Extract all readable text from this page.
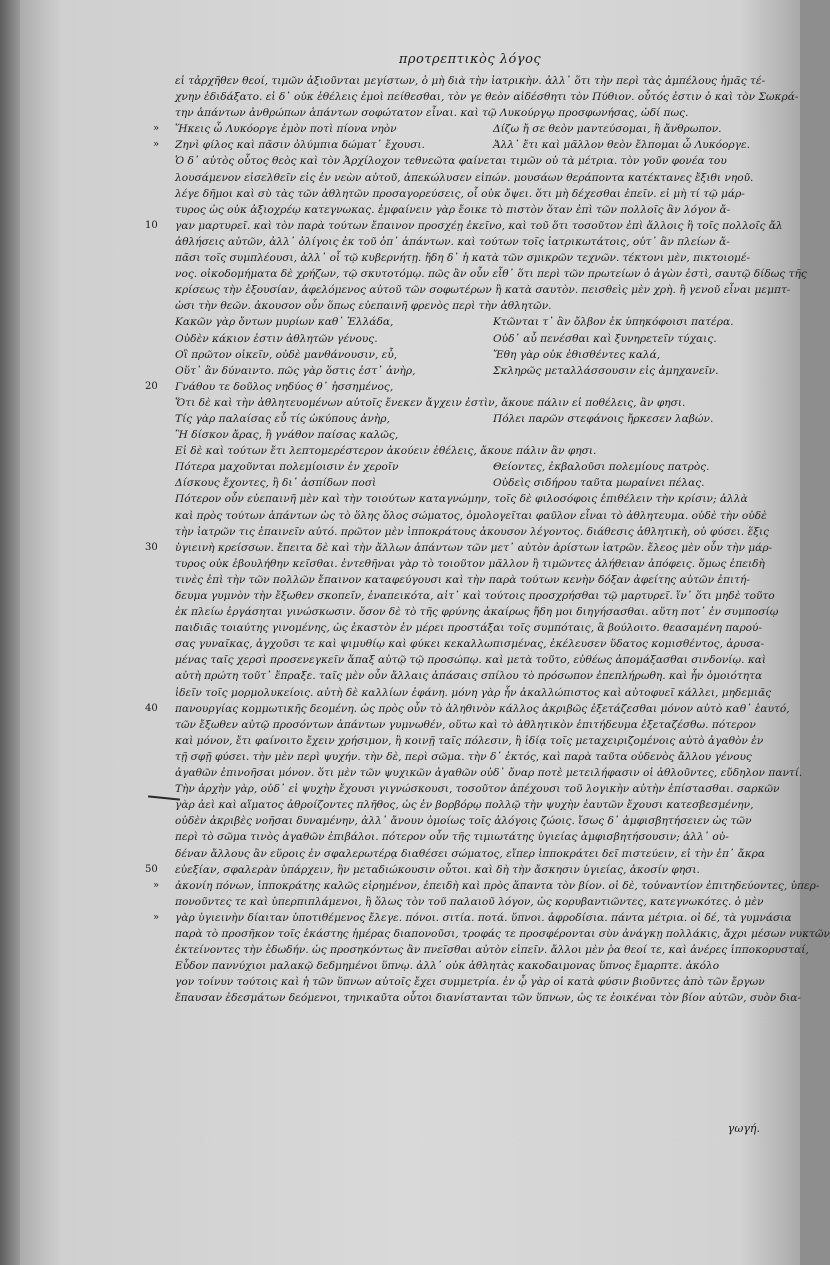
προτρεπτικὸς λόγος
εἰ τἀρχῆθεν θεοί, τιμῶν ἀξιοῦνται μεγίστων, ὁ μὴ διὰ τὴν ἰατρικὴν. ἀλλ᾽ ὅτι τὴν περὶ τὰς ἀμπέλους ἡμᾶς τέ-
χνην ἐδιδάξατο. εἰ δ᾽ οὐκ ἐθέλεις ἐμοὶ πείθεσθαι, τὸν γε θεὸν αἰδέσθητι τὸν Πύθιον. οὗτός ἐστιν ὁ καὶ τὸν Σωκρά-
την ἁπάντων ἀνθρώπων ἁπάντων σοφώτατον εἶναι. καὶ τῷ Λυκούργῳ προσφωνήσας, ὡδί πως.
Ἥκεις ὦ Λυκόοργε ἐμὸν ποτὶ πίονα νηὸν	Δίζω ἤ σε θεὸν μαντεύσομαι, ἢ ἄνθρωπον.
»
Ζηνὶ φίλος καὶ πᾶσιν ὀλύμπια δώματ᾽ ἔχουσι.	Ἀλλ᾽ ἔτι καὶ μᾶλλον θεὸν ἔλπομαι ὦ Λυκόοργε.
»
Ὁ δ᾽ αὐτὸς οὗτος θεὸς καὶ τὸν Ἀρχίλοχον τεθνεῶτα φαίνεται τιμῶν οὐ τὰ μέτρια. τὸν γοῦν φονέα του
λουσάμενον εἰσελθεῖν εἰς ἐν νεὼν αὐτοῦ, ἀπεκώλυσεν εἰπών. μουσάων θεράποντα κατέκτανες ἔξιθι νηοῦ.
λέγε δῆμοι καὶ σὺ τὰς τῶν ἀθλητῶν προσαγορεύσεις, οἷ οὐκ ὄψει. ὅτι μὴ δέχεσθαι ἐπεῖν. εἰ μὴ τί τῷ μάρ-
τυρος ὡς οὐκ ἀξιοχρέῳ κατεγνωκας. ἐμφαίνειν γὰρ ἔοικε τὸ πιστὸν ὅταν ἐπὶ τῶν πολλοῖς ἂν λόγον ἄ-
γαν μαρτυρεῖ. καὶ τὸν παρὰ τούτων ἔπαινον προσχέῃ ἐκεῖνο, καὶ τοῦ ὅτι τοσοῦτον ἐπὶ ἄλλοις ἢ τοῖς πολλοῖς ἄλ
10
ἀθλήσεις αὐτῶν, ἀλλ᾽ ὀλίγοις ἐκ τοῦ ὁπ᾽ ἀπάντων. καὶ τούτων τοῖς ἰατρικωτάτοις, οὐτ᾽ ἂν πλείων ἄ-
πᾶσι τοῖς συμπλέουσι, ἀλλ᾽ οἷ τῷ κυβερνήτῃ. ἤδη δ᾽ ἡ κατὰ τῶν σμικρῶν τεχνῶν. τέκτονι μὲν, πικτοιομέ-
νος. οἰκοδομήματα δὲ χρήζων, τῷ σκυτοτόμῳ. πῶς ἂν οὖν εἶθ᾽ ὅτι περὶ τῶν πρωτείων ὁ ἀγὼν ἐστὶ, σαυτῷ δίδως τῆς
κρίσεως τὴν ἐξουσίαν, ἀφελόμενος αὐτοῦ τῶν σοφωτέρων ἢ κατὰ σαυτὸν. πεισθεὶς μὲν χρὴ. ἢ γενοῦ εἶναι μεμπτ-
ὡσι τὴν θεῶν. ἀκουσον οὖν ὅπως εὐεπαινῆ φρενὸς περὶ τὴν ἀθλητῶν.
Κακῶν γὰρ ὄντων μυρίων καθ᾽ Ἑλλάδα,	Κτῶνται τ᾽ ἂν ὄλβον ἐκ ὑπηκόφοισι πατέρα.
Οὐδὲν κάκιον ἐστιν ἀθλητῶν γένους.	Οὐδ᾽ αὖ πενέσθαι καὶ ξυνηρετεῖν τύχαις.
Οἳ πρῶτον οἰκεῖν, οὐδὲ μανθάνουσιν, εὖ,	Ἔθη γὰρ οὐκ ἐθισθέντες καλά,
Οὕτ᾽ ἂν δύναιντο. πῶς γὰρ ὅστις ἐστ᾽ ἀνὴρ,	Σκληρῶς μεταλλάσσουσιν εἰς ἀμηχανεῖν.
Γνάθου τε δοῦλος νηδύος θ᾽ ἡσσημένος,
20
Ὅτι δὲ καὶ τὴν ἀθλητευομένων αὐτοῖς ἔνεκεν ἄγχειν ἐστὶν, ἄκουε πάλιν εἰ ποθέλεις, ἂν φησι.
Τίς γὰρ παλαίσας εὖ τίς ὠκύπους ἀνὴρ,	Πόλει παρῶν στεφάνοις ἤρκεσεν λαβών.
Ἢ δίσκον ἄρας, ἢ γνάθον παίσας καλῶς,
Εἰ δὲ καὶ τούτων ἔτι λεπτομερέστερον ἀκούειν ἐθέλεις, ἄκουε πάλιν ἂν φησι.
Πότερα μαχοῦνται πολεμίοισιν ἐν χεροῖν	Θείοντες, ἐκβαλοῦσι πολεμίους πατρὸς.
Δίσκους ἔχοντες, ἢ δι᾽ ἀσπίδων ποσὶ	Οὐδεὶς σιδήρου ταῦτα μωραίνει πέλας.
Πότερον οὖν εὐεπαινῆ μὲν καὶ τὴν τοιούτων καταγνώμην, τοῖς δὲ φιλοσόφοις ἐπιθέλειν τὴν κρίσιν; ἀλλὰ
καὶ πρὸς τούτων ἁπάντων ὡς τὸ ὅλης ὅλος σώματος, ὁμολογεῖται φαῦλον εἶναι τὸ ἀθλητευμα. οὐδὲ τὴν οὐδὲ
τὴν ἰατρῶν τις ἐπαινεῖν αὐτό. πρῶτον μὲν ἱπποκράτους ἀκουσον λέγοντος. διάθεσις ἀθλητικὴ, οὐ φύσει. ἕξις
ὑγιεινὴ κρείσσων. ἔπειτα δὲ καὶ τὴν ἄλλων ἁπάντων τῶν μετ᾽ αὐτὸν ἀρίστων ἰατρῶν. ἔλεος μὲν οὖν τὴν μάρ-
30
τυρος οὐκ ἐβουλήθην κεῖσθαι. ἐντεθῆναι γὰρ τὸ τοιοῦτον μᾶλλον ἢ τιμῶντες ἀλήθειαν ἀπόφεις. ὅμως ἐπειδὴ
τινὲς ἐπὶ τὴν τῶν πολλῶν ἔπαινον καταφεύγουσι καὶ τὴν παρὰ τούτων κενὴν δόξαν ἀφείτης αὐτῶν ἐπιτή-
δευμα γυμνὸν τὴν ἔξωθεν σκοπεῖν, ἐναπεικότα, αἰτ᾽ καὶ τούτοις προσχρήσθαι τῷ μαρτυρεῖ. ἵν᾽ ὅτι μηδὲ τοῦτο
ἐκ πλείω ἐργάσηται γινώσκωσιν. ὅσον δὲ τὸ τῆς φρύνης ἀκαίρως ἤδη μοι διηγήσασθαι. αὕτη ποτ᾽ ἐν συμποσίῳ
παιδιᾶς τοιαύτης γινομένης, ὡς ἑκαστὸν ἐν μέρει προστάξαι τοῖς συμπόταις, ἃ βούλοιτο. θεασαμένη παρού-
σας γυναῖκας, ἀγχοῦσι τε καὶ ψιμυθίῳ καὶ φύκει κεκαλλωπισμένας, ἐκέλευσεν ὕδατος κομισθέντος, ἀρυσα-
μένας ταῖς χερσὶ προσενεγκεῖν ἅπαξ αὐτῷ τῷ προσώπῳ. καὶ μετὰ τοῦτο, εὐθέως ἀπομάξασθαι σινδονίῳ. καὶ
αὐτὴ πρώτη τοῦτ᾽ ἔπραξε. ταῖς μὲν οὖν ἄλλαις ἁπάσαις σπίλου τὸ πρόσωπον ἐπεπλήρωθη. καὶ ἦν ὁμοιότητα
ἰδεῖν τοῖς μορμολυκείοις. αὐτὴ δὲ καλλίων ἐφάνη. μόνη γὰρ ἦν ἀκαλλώπιστος καὶ αὐτοφυεῖ κάλλει, μηδεμιᾶς
πανουργίας κομμωτικῆς δεομένη. ὡς πρὸς οὖν τὸ ἀληθινὸν κάλλος ἀκριβῶς ἐξετάζεσθαι μόνον αὐτὸ καθ᾽ ἑαυτό,
40
τῶν ἔξωθεν αὐτῷ προσόντων ἁπάντων γυμνωθέν, οὕτω καὶ τὸ ἀθλητικὸν ἐπιτήδευμα ἐξεταζέσθω. πότερον
καὶ μόνον, ἔτι φαίνοιτο ἔχειν χρήσιμον, ἢ κοινῇ ταῖς πόλεσιν, ἢ ἰδίᾳ τοῖς μεταχειριζομένοις αὐτὸ ἀγαθὸν ἐν
τῇ σφῇ φύσει. τὴν μὲν περὶ ψυχήν. τὴν δὲ, περὶ σῶμα. τὴν δ᾽ ἐκτός, καὶ παρὰ ταῦτα οὐδενὸς ἄλλου γένους
ἀγαθῶν ἐπινοῆσαι μόνον. ὅτι μὲν τῶν ψυχικῶν ἀγαθῶν οὐδ᾽ ὄναρ ποτὲ μετειλήφασιν οἱ ἀθλοῦντες, εὔδηλον παντί.
Τὴν ἀρχὴν γὰρ, οὐδ᾽ εἰ ψυχὴν ἔχουσι γιγνώσκουσι, τοσοῦτον ἀπέχουσι τοῦ λογικὴν αὐτὴν ἐπίστασθαι. σαρκῶν
γὰρ ἀεὶ καὶ αἵματος ἀθροίζοντες πλῆθος, ὡς ἐν βορβόρῳ πολλῷ τὴν ψυχὴν ἑαυτῶν ἔχουσι κατεσβεσμένην,
οὐδὲν ἀκριβὲς νοῆσαι δυναμένην, ἀλλ᾽ ἄνουν ὁμοίως τοῖς ἀλόγοις ζώοις. ἴσως δ᾽ ἀμφισβητήσειεν ὡς τῶν
περὶ τὸ σῶμα τινὸς ἀγαθῶν ἐπιβάλοι. πότερον οὖν τῆς τιμιωτάτης ὑγιείας ἀμφισβητήσουσιν; ἀλλ᾽ οὐ-
δέναν ἄλλους ἂν εὕροις ἐν σφαλερωτέρᾳ διαθέσει σώματος, εἴπερ ἱπποκράτει δεῖ πιστεύειν, εἰ τὴν ἐπ᾽ ἄκρα
εὐεξίαν, σφαλερὰν ὑπάρχειν, ἣν μεταδιώκουσιν οὗτοι. καὶ δὴ τὴν ἄσκησιν ὑγιείας, ἀκοσίν φησι.
50
ἀκονίη πόνων, ἱπποκράτης καλῶς εἰρημένον, ἐπειδὴ καὶ πρὸς ἅπαντα τὸν βίον. οἱ δὲ, τοὐναντίον ἐπιτηδεύοντες, ὑπερ-
»
πονοῦντες τε καὶ ὑπερπιπλάμενοι, ἢ ὅλως τὸν τοῦ παλαιοῦ λόγον, ὡς κορυβαντιῶντες, κατεγνωκότες. ὁ μὲν
γὰρ ὑγιεινὴν δίαιταν ὑποτιθέμενος ἔλεγε. πόνοι. σιτία. ποτά. ὕπνοι. ἀφροδίσια. πάντα μέτρια. οἱ δέ, τὰ γυμνάσια
»
παρὰ τὸ προσῆκον τοῖς ἑκάστης ἡμέρας διαπονοῦσι, τροφάς τε προσφέρονται σὺν ἀνάγκῃ πολλάκις, ἄχρι μέσων νυκτῶν
ἐκτείνοντες τὴν ἐδωδήν. ὡς προσηκόντως ἂν πνεῖσθαι αὐτὸν εἰπεῖν. ἄλλοι μὲν ῥα θεοί τε, καὶ ἀνέρες ἱπποκορυσταί,
Εὗδον παννύχιοι μαλακῷ δεδμημένοι ὕπνῳ. ἀλλ᾽ οὐκ ἀθλητὰς κακοδαιμονας ὕπνος ἔμαρπτε. ἀκόλο
γον τοίνυν τούτοις καὶ ἡ τῶν ὕπνων αὐτοῖς ἔχει συμμετρία. ἐν ᾧ γὰρ οἱ κατὰ φύσιν βιοῦντες ἀπὸ τῶν ἔργων
ἔπαυσαν ἐδεσμάτων δεόμενοι, τηνικαῦτα οὗτοι διανίστανται τῶν ὕπνων, ὡς τε ἐοικέναι τὸν βίον αὐτῶν, συὸν δια-
γωγή.
